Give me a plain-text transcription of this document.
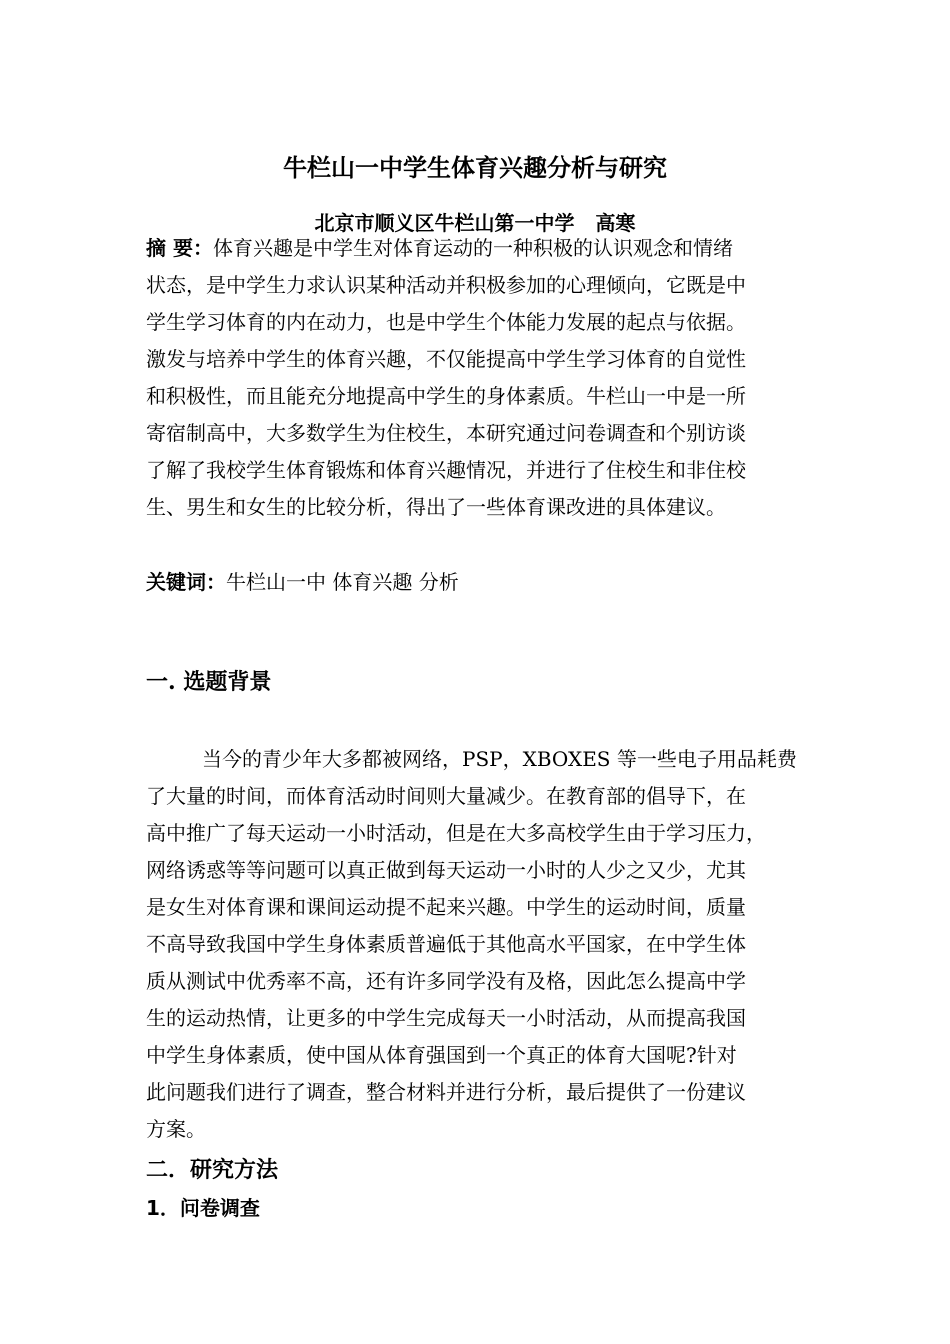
牛栏山一中学生体育兴趣分析与研究
北京市顺义区牛栏山第一中学   高寒
摘 要：体育兴趣是中学生对体育运动的一种积极的认识观念和情绪
状态，是中学生力求认识某种活动并积极参加的心理倾向，它既是中
学生学习体育的内在动力，也是中学生个体能力发展的起点与依据。
激发与培养中学生的体育兴趣，不仅能提高中学生学习体育的自觉性
和积极性，而且能充分地提高中学生的身体素质。牛栏山一中是一所
寄宿制高中，大多数学生为住校生，本研究通过问卷调查和个别访谈
了解了我校学生体育锻炼和体育兴趣情况，并进行了住校生和非住校
生、男生和女生的比较分析，得出了一些体育课改进的具体建议。
关键词：牛栏山一中 体育兴趣 分析
一. 选题背景
当今的青少年大多都被网络，PSP，XBOXES 等一些电子用品耗费
了大量的时间，而体育活动时间则大量减少。在教育部的倡导下，在
高中推广了每天运动一小时活动，但是在大多高校学生由于学习压力，
网络诱惑等等问题可以真正做到每天运动一小时的人少之又少，尤其
是女生对体育课和课间运动提不起来兴趣。中学生的运动时间，质量
不高导致我国中学生身体素质普遍低于其他高水平国家，在中学生体
质从测试中优秀率不高，还有许多同学没有及格，因此怎么提高中学
生的运动热情，让更多的中学生完成每天一小时活动，从而提高我国
中学生身体素质，使中国从体育强国到一个真正的体育大国呢?针对
此问题我们进行了调查，整合材料并进行分析，最后提供了一份建议
方案。
二．研究方法
1．问卷调查
